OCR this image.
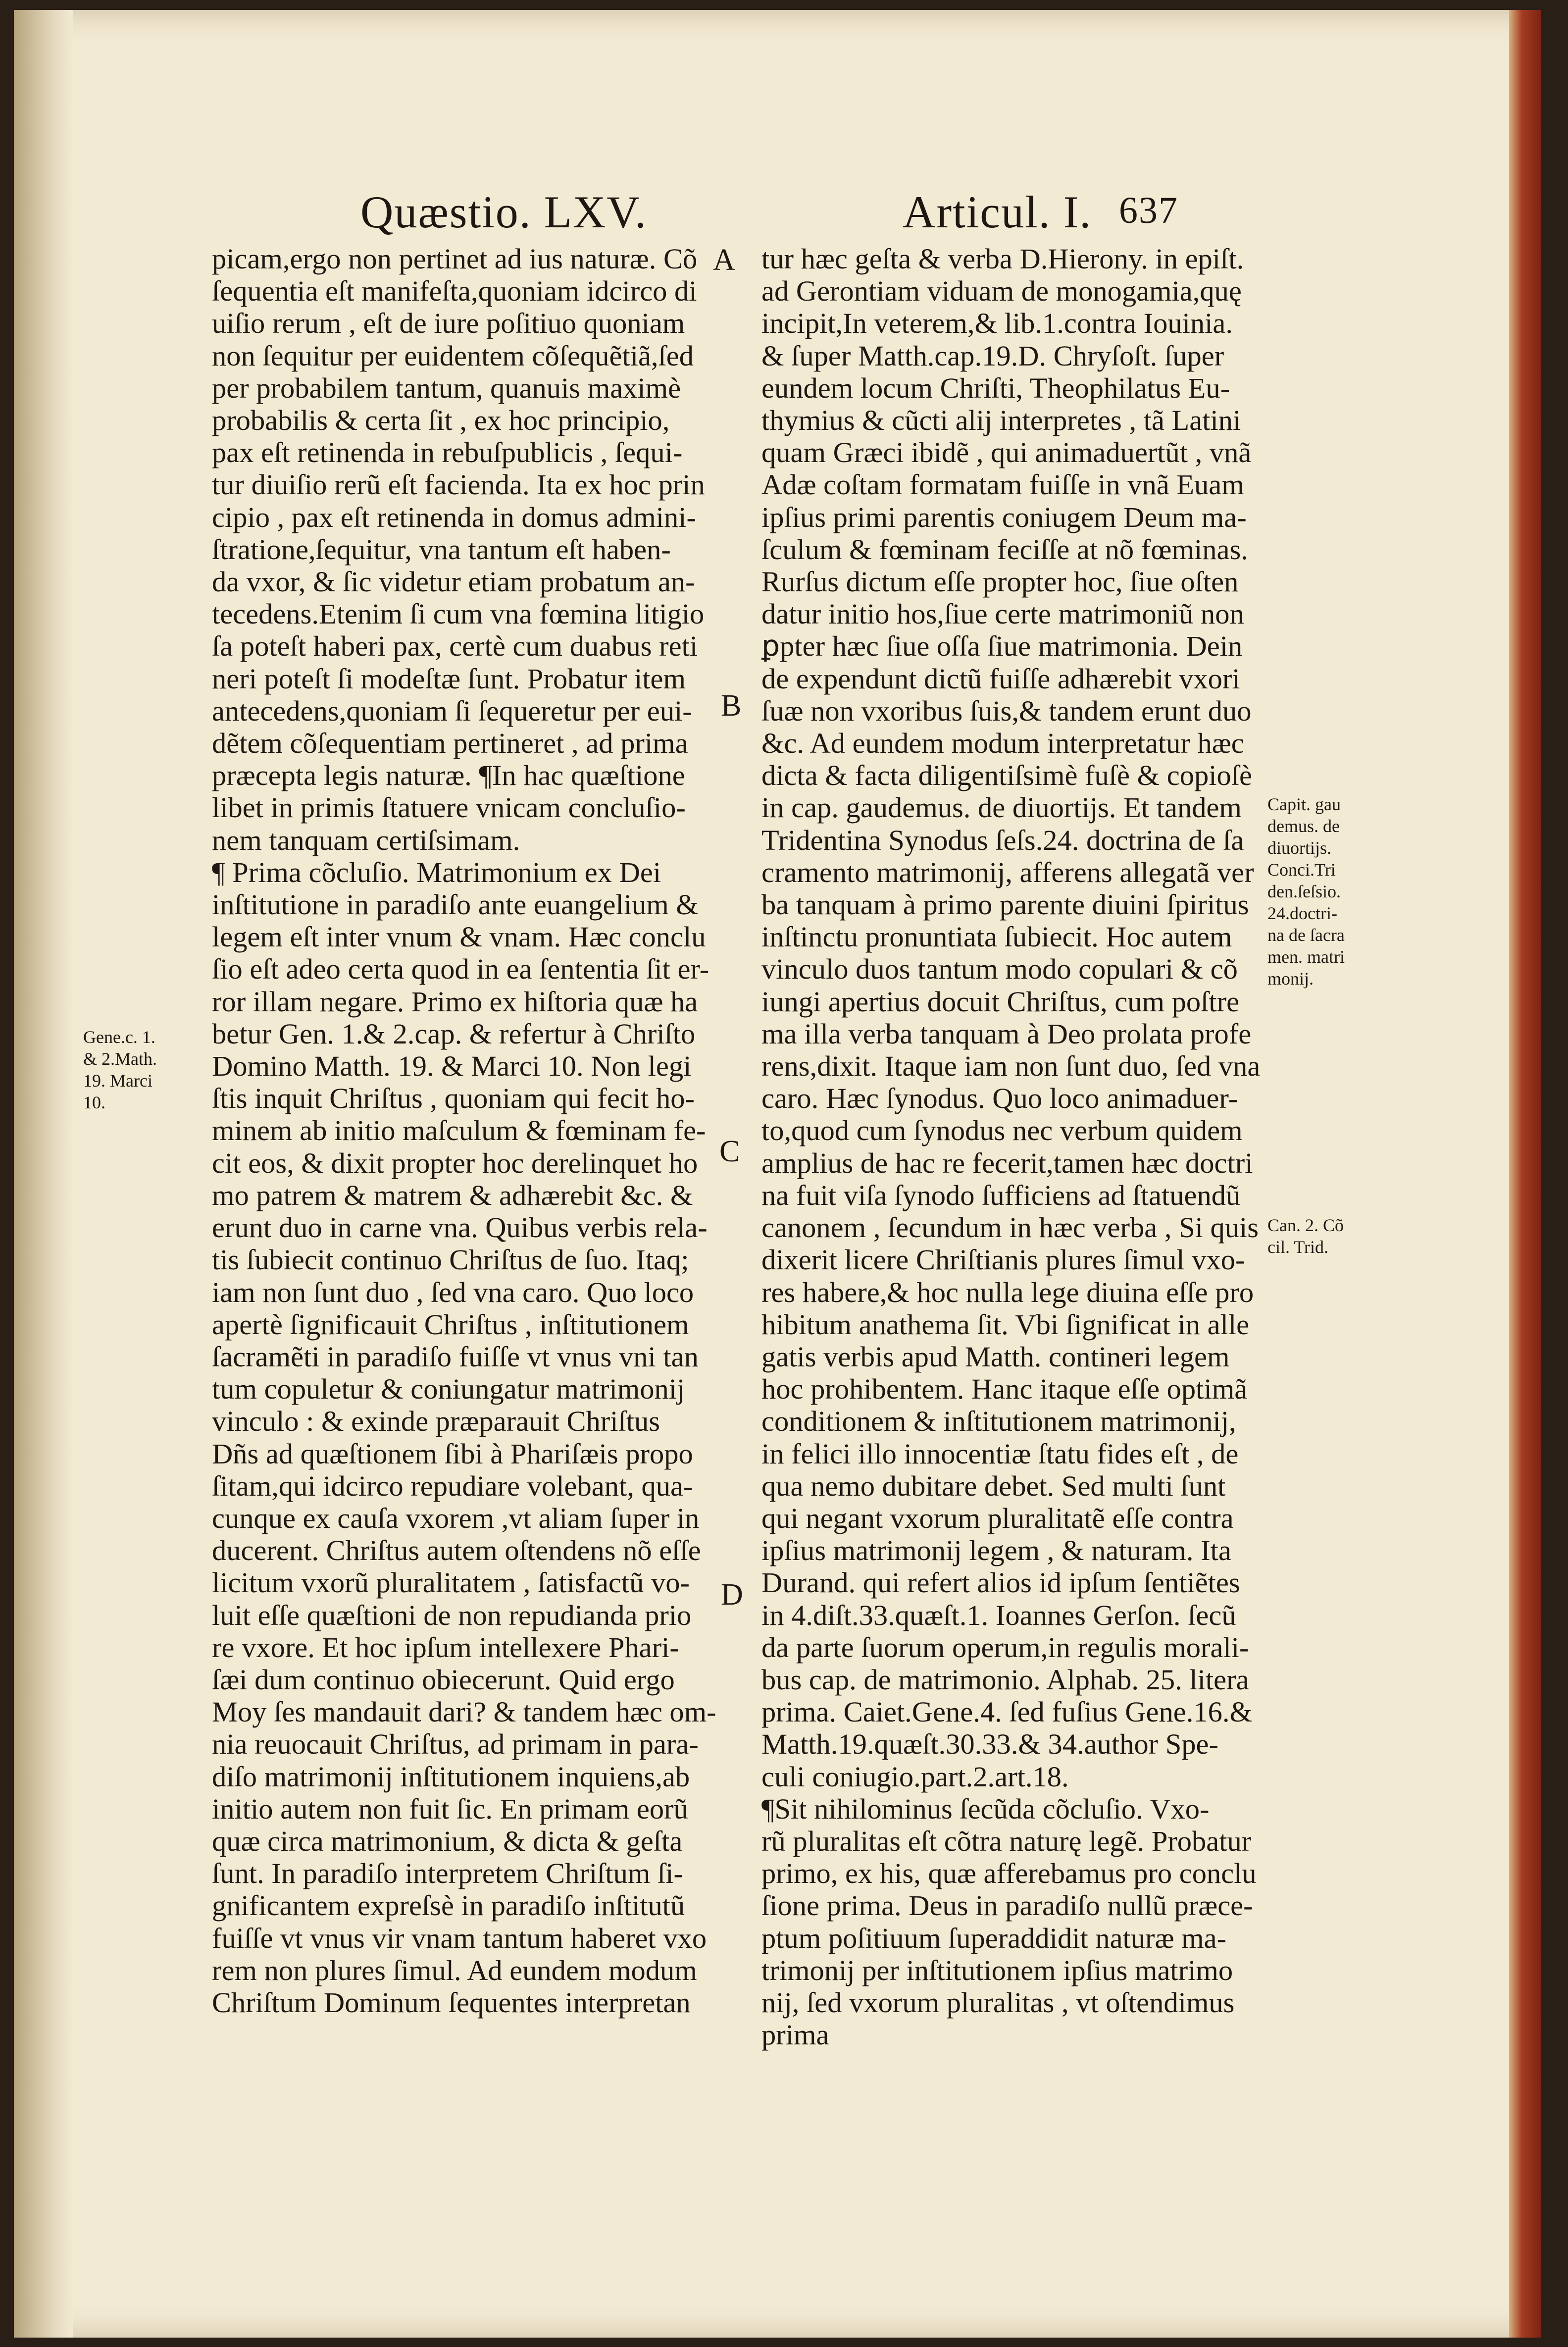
Quæstio. LXV.	Articul. I. 637
picam,ergo non pertinet ad ius naturæ. Cõ
ſequentia eſt manifeſta,quoniam idcirco di
uiſio rerum , eſt de iure poſitiuo quoniam
non ſequitur per euidentem cõſequẽtiã,ſed
per probabilem tantum, quanuis maximè
probabilis & certa ſit , ex hoc principio,
pax eſt retinenda in rebuſpublicis , ſequi-
tur diuiſio rerũ eſt facienda. Ita ex hoc prin
cipio , pax eſt retinenda in domus admini-
ſtratione,ſequitur, vna tantum eſt haben-
da vxor, & ſic videtur etiam probatum an-
tecedens.Etenim ſi cum vna fœmina litigio
ſa poteſt haberi pax, certè cum duabus reti
neri poteſt ſi modeſtæ ſunt. Probatur item
antecedens,quoniam ſi ſequeretur per eui-
dẽtem cõſequentiam pertineret , ad prima
præcepta legis naturæ. ¶In hac quæſtione
libet in primis ſtatuere vnicam concluſio-
nem tanquam certiſsimam.
¶ Prima cõcluſio. Matrimonium ex Dei
inſtitutione in paradiſo ante euangelium &
legem eſt inter vnum & vnam. Hæc conclu
ſio eſt adeo certa quod in ea ſententia ſit er-
ror illam negare. Primo ex hiſtoria quæ ha
betur Gen. 1.& 2.cap. & refertur à Chriſto
Domino Matth. 19. & Marci 10. Non legi
ſtis inquit Chriſtus , quoniam qui fecit ho-
minem ab initio maſculum & fœminam fe-
cit eos, & dixit propter hoc derelinquet ho
mo patrem & matrem & adhærebit &c. &
erunt duo in carne vna. Quibus verbis rela-
tis ſubiecit continuo Chriſtus de ſuo. Itaq;
iam non ſunt duo , ſed vna caro. Quo loco
apertè ſignificauit Chriſtus , inſtitutionem
ſacramẽti in paradiſo fuiſſe vt vnus vni tan
tum copuletur & coniungatur matrimonij
vinculo : & exinde præparauit Chriſtus
Dñs ad quæſtionem ſibi à Phariſæis propo
ſitam,qui idcirco repudiare volebant, qua-
cunque ex cauſa vxorem ,vt aliam ſuper in
ducerent. Chriſtus autem oſtendens nõ eſſe
licitum vxorũ pluralitatem , ſatisfactũ vo-
luit eſſe quæſtioni de non repudianda prio
re vxore. Et hoc ipſum intellexere Phari-
ſæi dum continuo obiecerunt. Quid ergo
Moy ſes mandauit dari? & tandem hæc om-
nia reuocauit Chriſtus, ad primam in para-
diſo matrimonij inſtitutionem inquiens,ab
initio autem non fuit ſic. En primam eorũ
quæ circa matrimonium, & dicta & geſta
ſunt. In paradiſo interpretem Chriſtum ſi-
gnificantem expreſsè in paradiſo inſtitutũ
fuiſſe vt vnus vir vnam tantum haberet vxo
rem non plures ſimul. Ad eundem modum
Chriſtum Dominum ſequentes interpretan
tur hæc geſta & verba D.Hierony. in epiſt.
ad Gerontiam viduam de monogamia,quę
incipit,In veterem,& lib.1.contra Iouinia.
& ſuper Matth.cap.19.D. Chryſoſt. ſuper
eundem locum Chriſti, Theophilatus Eu-
thymius & cũcti alij interpretes , tã Latini
quam Græci ibidẽ , qui animaduertũt , vnã
Adæ coſtam formatam fuiſſe in vnã Euam
ipſius primi parentis coniugem Deum ma-
ſculum & fœminam feciſſe at nõ fœminas.
Rurſus dictum eſſe propter hoc, ſiue oſten
datur initio hos,ſiue certe matrimoniũ non
ꝑpter hæc ſiue oſſa ſiue matrimonia. Dein
de expendunt dictũ fuiſſe adhærebit vxori
ſuæ non vxoribus ſuis,& tandem erunt duo
&c. Ad eundem modum interpretatur hæc
dicta & facta diligentiſsimè fuſè & copioſè
in cap. gaudemus. de diuortijs. Et tandem
Tridentina Synodus ſeſs.24. doctrina de ſa
cramento matrimonij, afferens allegatã ver
ba tanquam à primo parente diuini ſpiritus
inſtinctu pronuntiata ſubiecit. Hoc autem
vinculo duos tantum modo copulari & cõ
iungi apertius docuit Chriſtus, cum poſtre
ma illa verba tanquam à Deo prolata profe
rens,dixit. Itaque iam non ſunt duo, ſed vna
caro. Hæc ſynodus. Quo loco animaduer-
to,quod cum ſynodus nec verbum quidem
amplius de hac re fecerit,tamen hæc doctri
na fuit viſa ſynodo ſufficiens ad ſtatuendũ
canonem , ſecundum in hæc verba , Si quis
dixerit licere Chriſtianis plures ſimul vxo-
res habere,& hoc nulla lege diuina eſſe pro
hibitum anathema ſit. Vbi ſignificat in alle
gatis verbis apud Matth. contineri legem
hoc prohibentem. Hanc itaque eſſe optimã
conditionem & inſtitutionem matrimonij,
in felici illo innocentiæ ſtatu fides eſt , de
qua nemo dubitare debet. Sed multi ſunt
qui negant vxorum pluralitatẽ eſſe contra
ipſius matrimonij legem , & naturam. Ita
Durand. qui refert alios id ipſum ſentiẽtes
in 4.diſt.33.quæſt.1. Ioannes Gerſon. ſecũ
da parte ſuorum operum,in regulis morali-
bus cap. de matrimonio. Alphab. 25. litera
prima. Caiet.Gene.4. ſed fuſius Gene.16.&
Matth.19.quæſt.30.33.& 34.author Spe-
culi coniugio.part.2.art.18.
¶Sit nihilominus ſecũda cõcluſio. Vxo-
rũ pluralitas eſt cõtra naturę legẽ. Probatur
primo, ex his, quæ afferebamus pro conclu
ſione prima. Deus in paradiſo nullũ præce-
ptum poſitiuum ſuperaddidit naturæ ma-
trimonij per inſtitutionem ipſius matrimo
nij, ſed vxorum pluralitas , vt oſtendimus
prima
A
B
C
D
Gene.c. 1.
& 2.Math.
19. Marci
10.
Capit. gau
demus. de
diuortijs.
Conci.Tri
den.ſeſsio.
24.doctri-
na de ſacra
men. matri
monij.
Can. 2. Cõ
cil. Trid.
